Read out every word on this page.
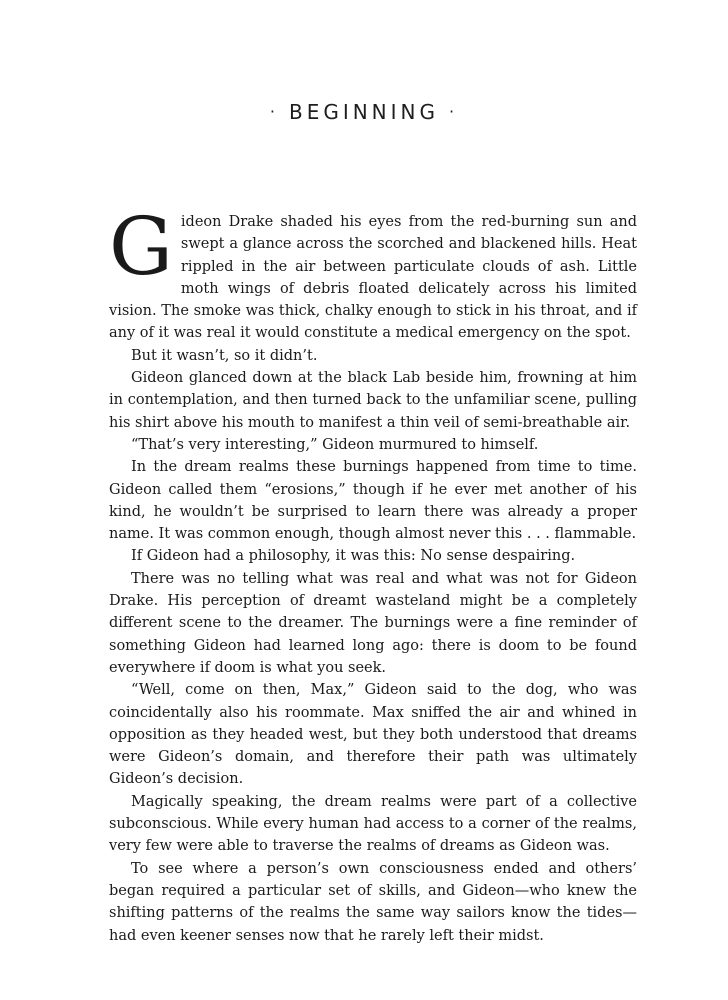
· BEGINNING ·

Gideon Drake shaded his eyes from the red-burning sun and swept a glance across the scorched and blackened hills. Heat rippled in the air between particulate clouds of ash. Little moth wings of debris floated delicately across his limited vision. The smoke was thick, chalky enough to stick in his throat, and if any of it was real it would constitute a medical emergency on the spot.

But it wasn’t, so it didn’t.

Gideon glanced down at the black Lab beside him, frowning at him in contemplation, and then turned back to the unfamiliar scene, pulling his shirt above his mouth to manifest a thin veil of semi-breathable air.

“That’s very interesting,” Gideon murmured to himself.

In the dream realms these burnings happened from time to time. Gideon called them “erosions,” though if he ever met another of his kind, he wouldn’t be surprised to learn there was already a proper name. It was common enough, though almost never this . . . flammable.

If Gideon had a philosophy, it was this: No sense despairing.

There was no telling what was real and what was not for Gideon Drake. His perception of dreamt wasteland might be a completely different scene to the dreamer. The burnings were a fine reminder of something Gideon had learned long ago: there is doom to be found everywhere if doom is what you seek.

“Well, come on then, Max,” Gideon said to the dog, who was coincidentally also his roommate. Max sniffed the air and whined in opposition as they headed west, but they both understood that dreams were Gideon’s domain, and therefore their path was ultimately Gideon’s decision.

Magically speaking, the dream realms were part of a collective subconscious. While every human had access to a corner of the realms, very few were able to traverse the realms of dreams as Gideon was.

To see where a person’s own consciousness ended and others’ began required a particular set of skills, and Gideon—who knew the shifting patterns of the realms the same way sailors know the tides—had even keener senses now that he rarely left their midst.
